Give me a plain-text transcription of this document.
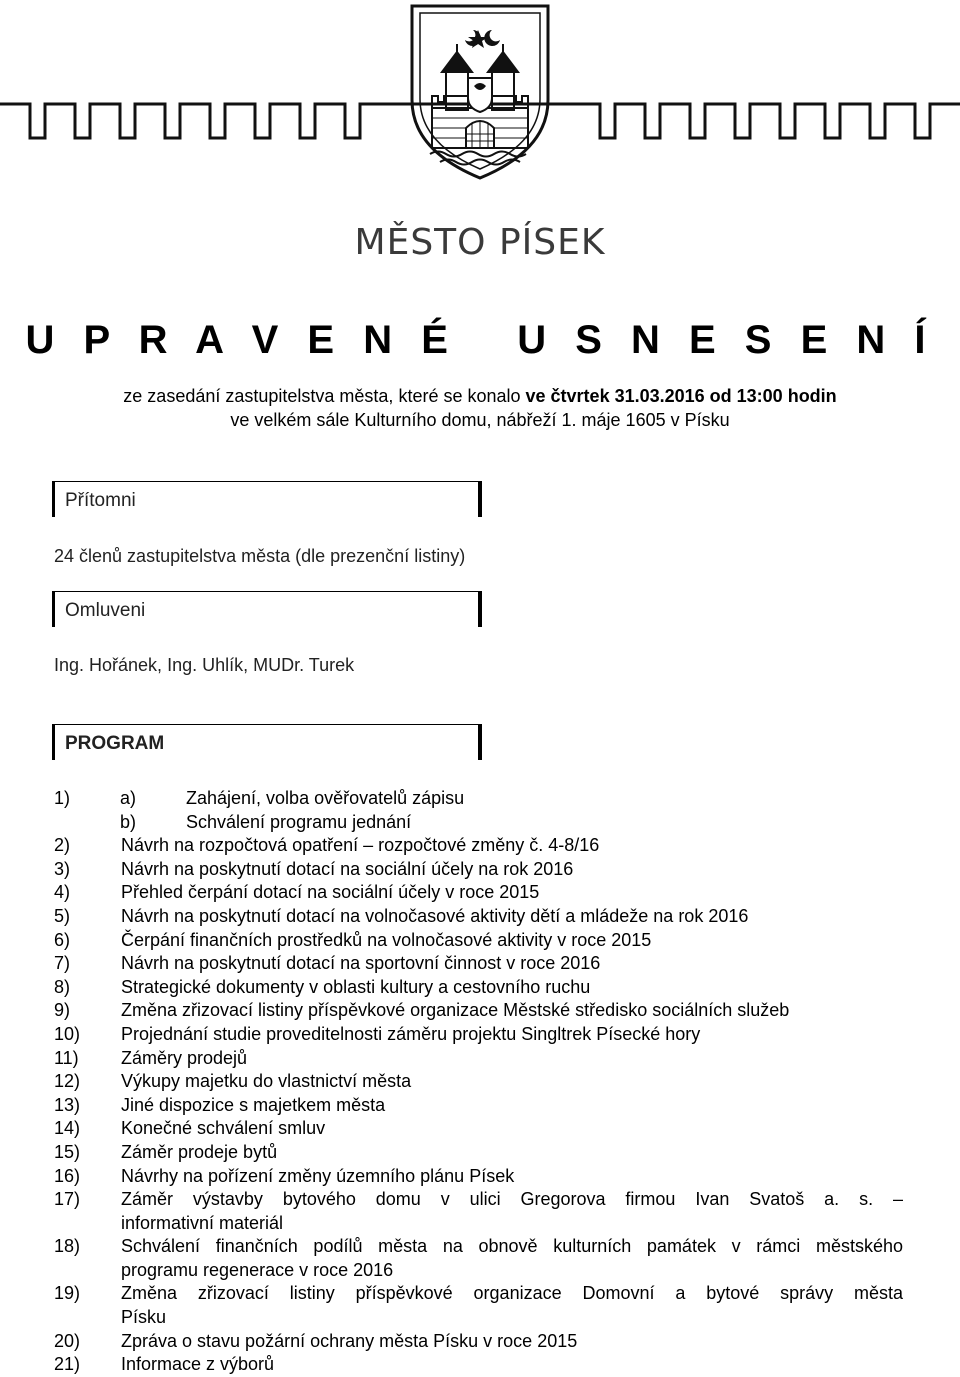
MĚSTO PÍSEK
U P R A V E N É   U S N E S E N Í
ze zasedání zastupitelstva města, které se konalo ve čtvrtek 31.03.2016 od 13:00 hodin
ve velkém sále Kulturního domu, nábřeží 1. máje 1605 v Písku
Přítomni
24 členů zastupitelstva města (dle prezenční listiny)
Omluveni
Ing. Hořánek, Ing. Uhlík, MUDr. Turek
PROGRAM
1)	a)	Zahájení, volba ověřovatelů zápisu
b)	Schválení programu jednání
2)	Návrh na rozpočtová opatření – rozpočtové změny č. 4-8/16
3)	Návrh na poskytnutí dotací na sociální účely na rok 2016
4)	Přehled čerpání dotací na sociální účely v roce 2015
5)	Návrh na poskytnutí dotací na volnočasové aktivity dětí a mládeže na rok 2016
6)	Čerpání finančních prostředků na volnočasové aktivity v roce 2015
7)	Návrh na poskytnutí dotací na sportovní činnost v roce 2016
8)	Strategické dokumenty v oblasti kultury a cestovního ruchu
9)	Změna zřizovací listiny příspěvkové organizace Městské středisko sociálních služeb
10) Projednání studie proveditelnosti záměru projektu Singltrek Písecké hory
11) Záměry prodejů
12) Výkupy majetku do vlastnictví města
13) Jiné dispozice s majetkem města
14) Konečné schválení smluv
15) Záměr prodeje bytů
16) Návrhy na pořízení změny územního plánu Písek
17) Záměr výstavby bytového domu v ulici Gregorova firmou Ivan Svatoš a. s. –
informativní materiál
18) Schválení finančních podílů města na obnově kulturních památek v rámci městského
programu regenerace v roce 2016
19) Změna zřizovací listiny příspěvkové organizace Domovní a bytové správy města
Písku
20) Zpráva o stavu požární ochrany města Písku v roce 2015
21) Informace z výborů
